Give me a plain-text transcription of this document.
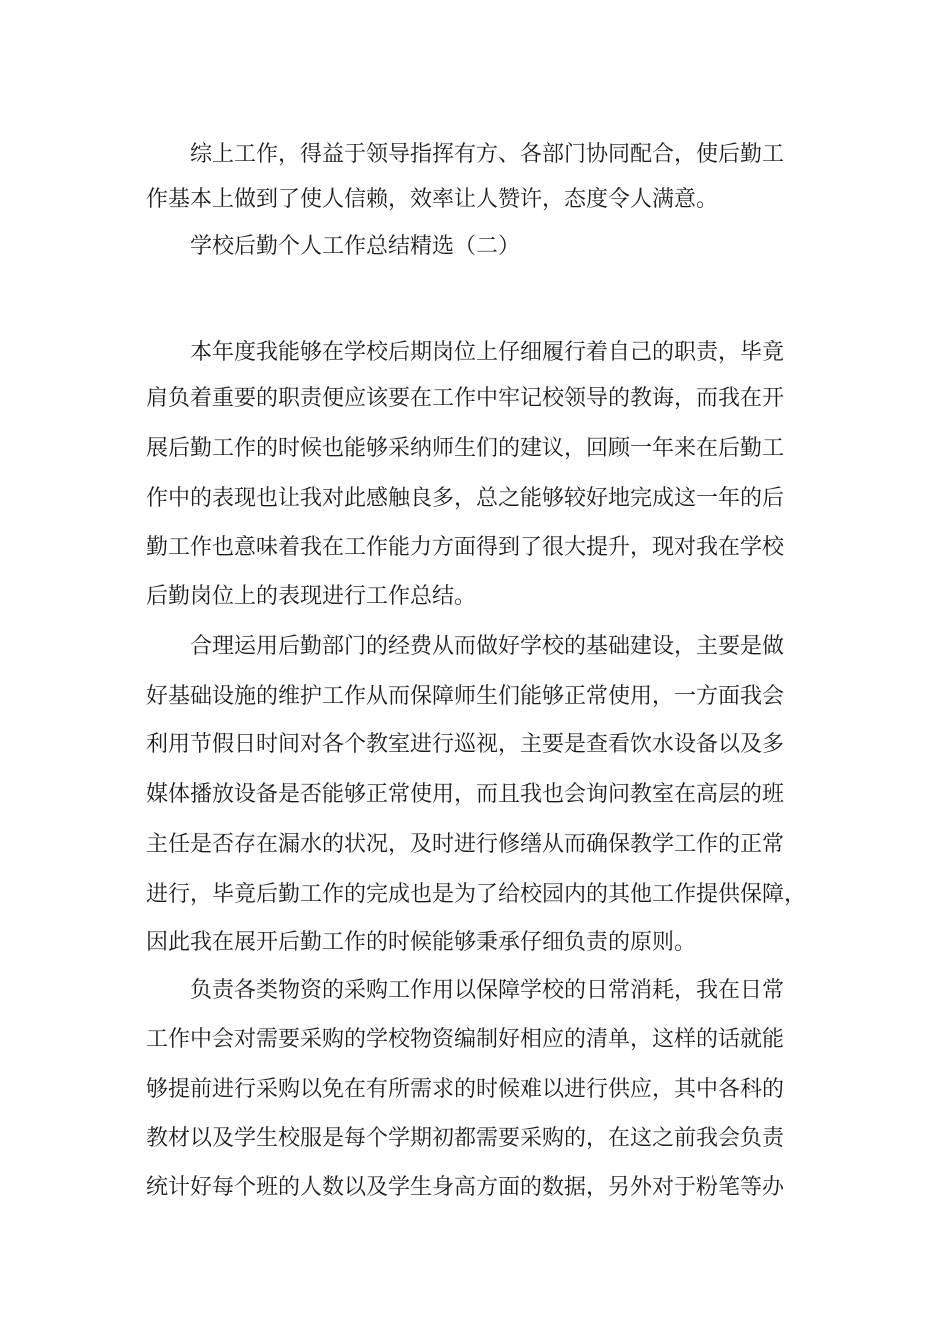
综上工作，得益于领导指挥有方、各部门协同配合，使后勤工
作基本上做到了使人信赖，效率让人赞许，态度令人满意。
学校后勤个人工作总结精选（二）
本年度我能够在学校后期岗位上仔细履行着自己的职责，毕竟
肩负着重要的职责便应该要在工作中牢记校领导的教诲，而我在开
展后勤工作的时候也能够采纳师生们的建议，回顾一年来在后勤工
作中的表现也让我对此感触良多，总之能够较好地完成这一年的后
勤工作也意味着我在工作能力方面得到了很大提升，现对我在学校
后勤岗位上的表现进行工作总结。
合理运用后勤部门的经费从而做好学校的基础建设，主要是做
好基础设施的维护工作从而保障师生们能够正常使用，一方面我会
利用节假日时间对各个教室进行巡视，主要是查看饮水设备以及多
媒体播放设备是否能够正常使用，而且我也会询问教室在高层的班
主任是否存在漏水的状况，及时进行修缮从而确保教学工作的正常
进行，毕竟后勤工作的完成也是为了给校园内的其他工作提供保障，
因此我在展开后勤工作的时候能够秉承仔细负责的原则。
负责各类物资的采购工作用以保障学校的日常消耗，我在日常
工作中会对需要采购的学校物资编制好相应的清单，这样的话就能
够提前进行采购以免在有所需求的时候难以进行供应，其中各科的
教材以及学生校服是每个学期初都需要采购的，在这之前我会负责
统计好每个班的人数以及学生身高方面的数据，另外对于粉笔等办
